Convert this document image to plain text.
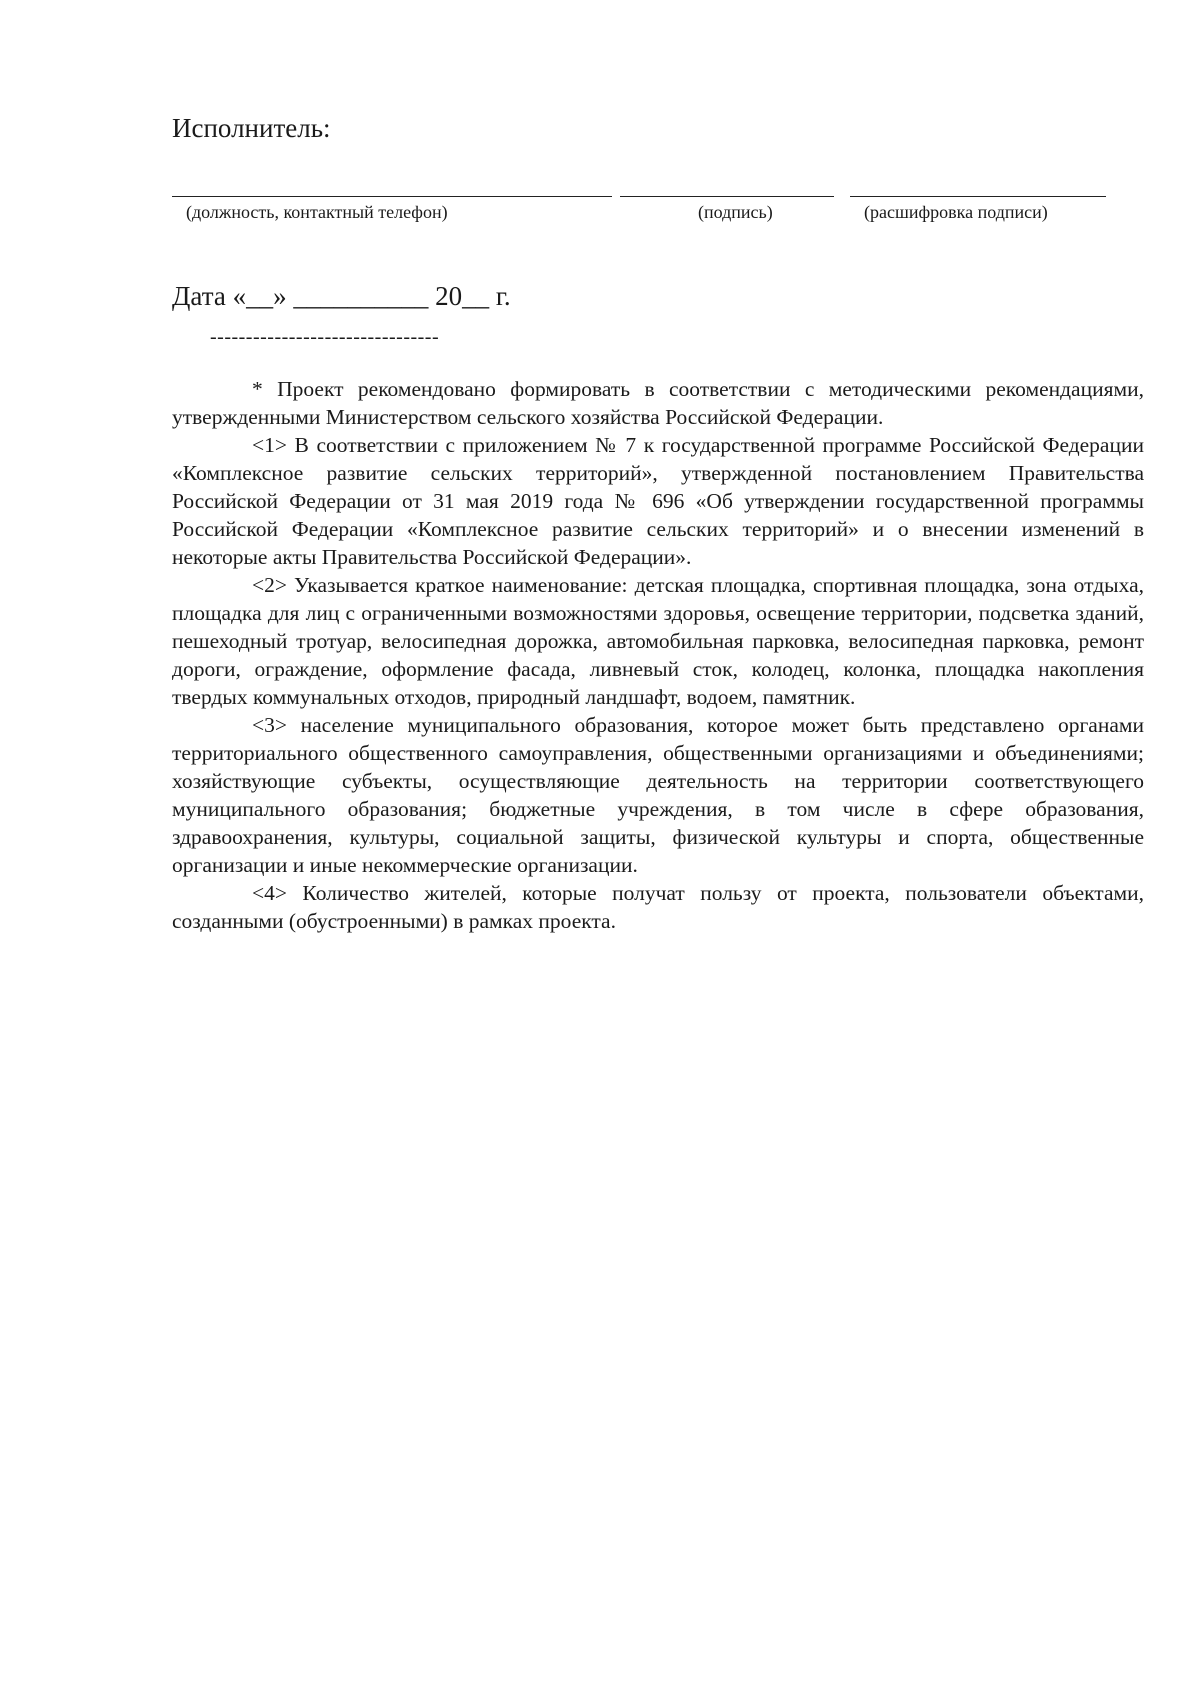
Исполнитель:
(должность, контактный телефон)	(подпись)	(расшифровка подписи)
Дата «__» __________ 20__ г.
--------------------------------

* Проект рекомендовано формировать в соответствии с методическими рекомендациями, утвержденными Министерством сельского хозяйства Российской Федерации.

<1> В соответствии с приложением № 7 к государственной программе Российской Федерации «Комплексное развитие сельских территорий», утвержденной постановлением Правительства Российской Федерации от 31 мая 2019 года № 696 «Об утверждении государственной программы Российской Федерации «Комплексное развитие сельских территорий» и о внесении изменений в некоторые акты Правительства Российской Федерации».

<2> Указывается краткое наименование: детская площадка, спортивная площадка, зона отдыха, площадка для лиц с ограниченными возможностями здоровья, освещение территории, подсветка зданий, пешеходный тротуар, велосипедная дорожка, автомобильная парковка, велосипедная парковка, ремонт дороги, ограждение, оформление фасада, ливневый сток, колодец, колонка, площадка накопления твердых коммунальных отходов, природный ландшафт, водоем, памятник.

<3> население муниципального образования, которое может быть представлено органами территориального общественного самоуправления, общественными организациями и объединениями; хозяйствующие субъекты, осуществляющие деятельность на территории соответствующего муниципального образования; бюджетные учреждения, в том числе в сфере образования, здравоохранения, культуры, социальной защиты, физической культуры и спорта, общественные организации и иные некоммерческие организации.

<4> Количество жителей, которые получат пользу от проекта, пользователи объектами, созданными (обустроенными) в рамках проекта.
